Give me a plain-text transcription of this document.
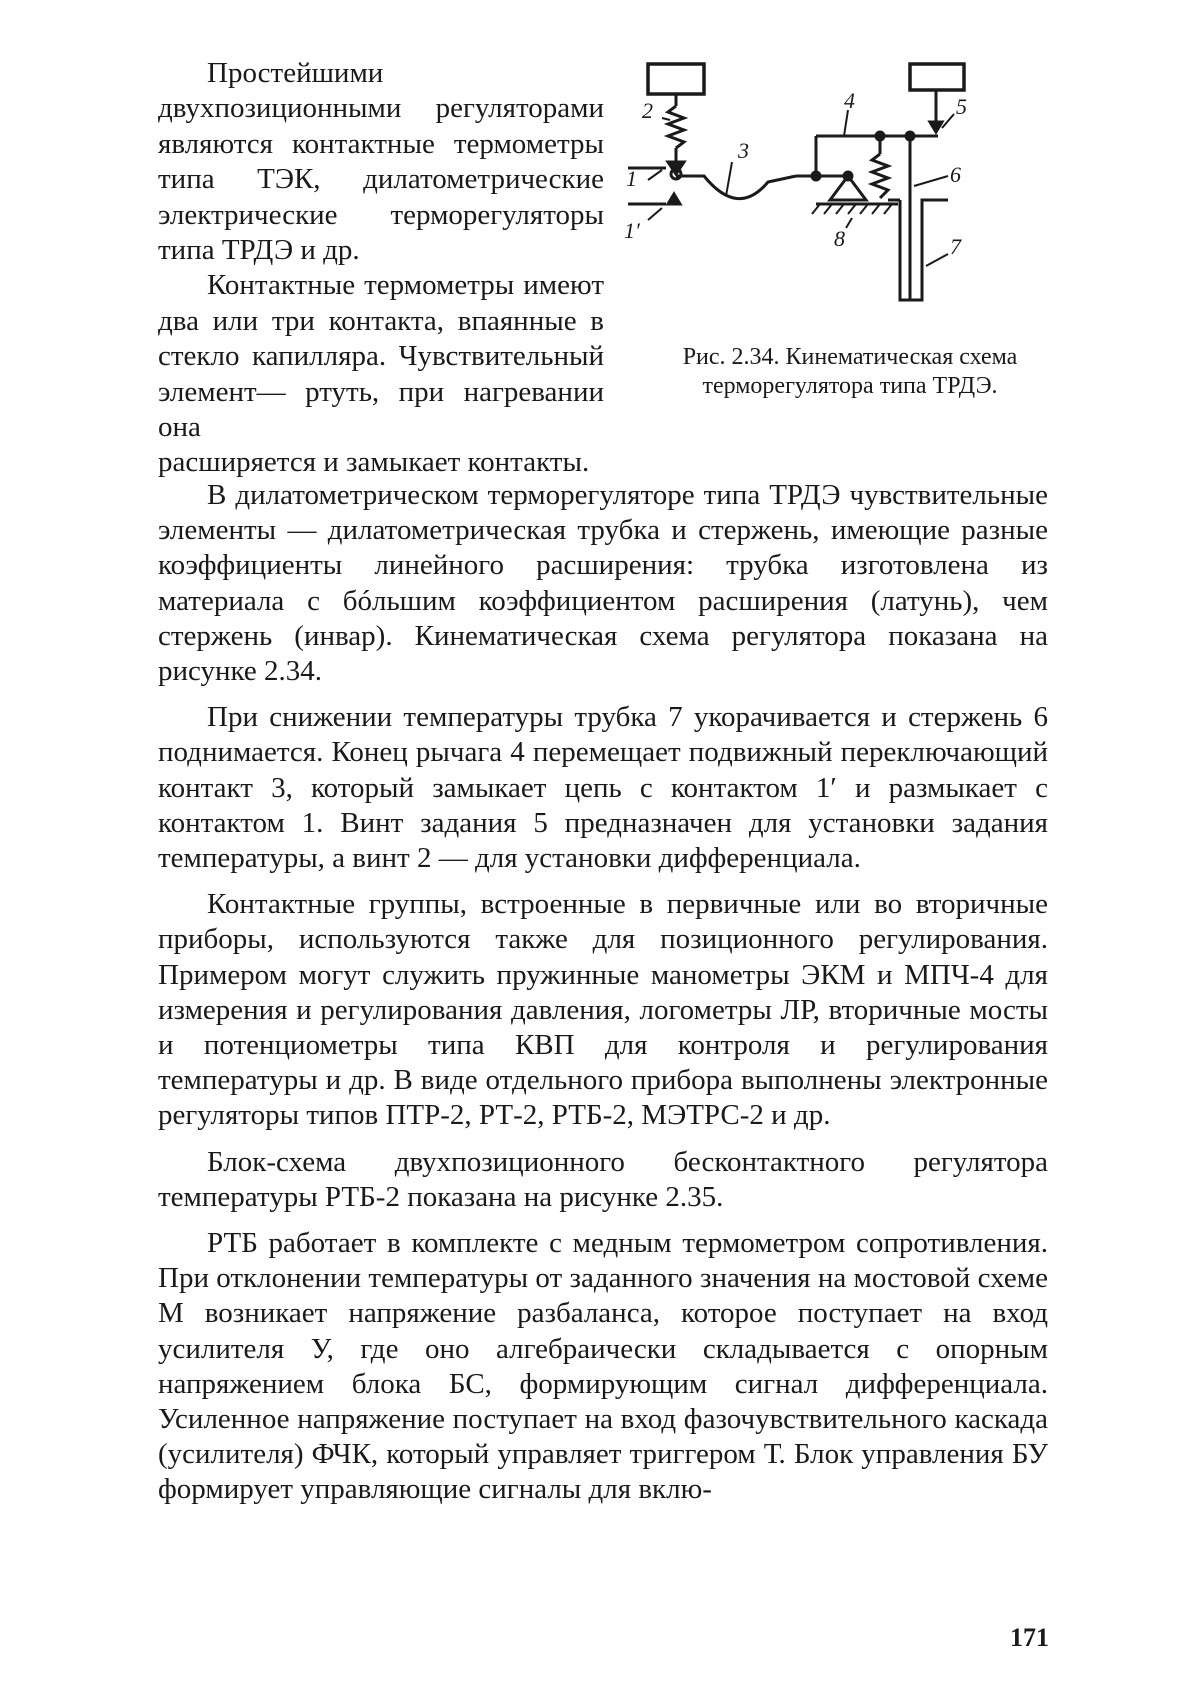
Простейшими двухпозиционными регуляторами являются контактные термометры типа ТЭК, дилатометрические электрические терморегуляторы типа ТРДЭ и др.

Контактные термометры имеют два или три контакта, впаянные в стекло капилляра. Чувствительный элемент— ртуть, при нагревании она

расширяется и замыкает контакты.

2
3
4	5
1	6
1′	8	7
Рис. 2.34. Кинематическая схема
терморегулятора типа ТРДЭ.

В дилатометрическом терморегуляторе типа ТРДЭ чувствительные элементы — дилатометрическая трубка и стержень, имеющие разные коэффициенты линейного расширения: трубка изготовлена из материала с бóльшим коэффициентом расширения (латунь), чем стержень (инвар). Кинематическая схема регулятора показана на рисунке 2.34.

При снижении температуры трубка 7 укорачивается и стержень 6 поднимается. Конец рычага 4 перемещает подвижный переключающий контакт 3, который замыкает цепь с контактом 1′ и размыкает с контактом 1. Винт задания 5 предназначен для установки задания температуры, а винт 2 — для установки дифференциала.

Контактные группы, встроенные в первичные или во вторичные приборы, используются также для позиционного регулирования. Примером могут служить пружинные манометры ЭКМ и МПЧ-4 для измерения и регулирования давления, логометры ЛР, вторичные мосты и потенциометры типа КВП для контроля и регулирования температуры и др. В виде отдельного прибора выполнены электронные регуляторы типов ПТР-2, РТ-2, РТБ-2, МЭТРС-2 и др.

Блок-схема двухпозиционного бесконтактного регулятора температуры РТБ-2 показана на рисунке 2.35.

РТБ работает в комплекте с медным термометром сопротивления. При отклонении температуры от заданного значения на мостовой схеме М возникает напряжение разбаланса, которое поступает на вход усилителя У, где оно алгебраически складывается с опорным напряжением блока БС, формирующим сигнал дифференциала. Усиленное напряжение поступает на вход фазочувствительного каскада (усилителя) ФЧК, который управляет триггером Т. Блок управления БУ формирует управляющие сигналы для вклю-

171
